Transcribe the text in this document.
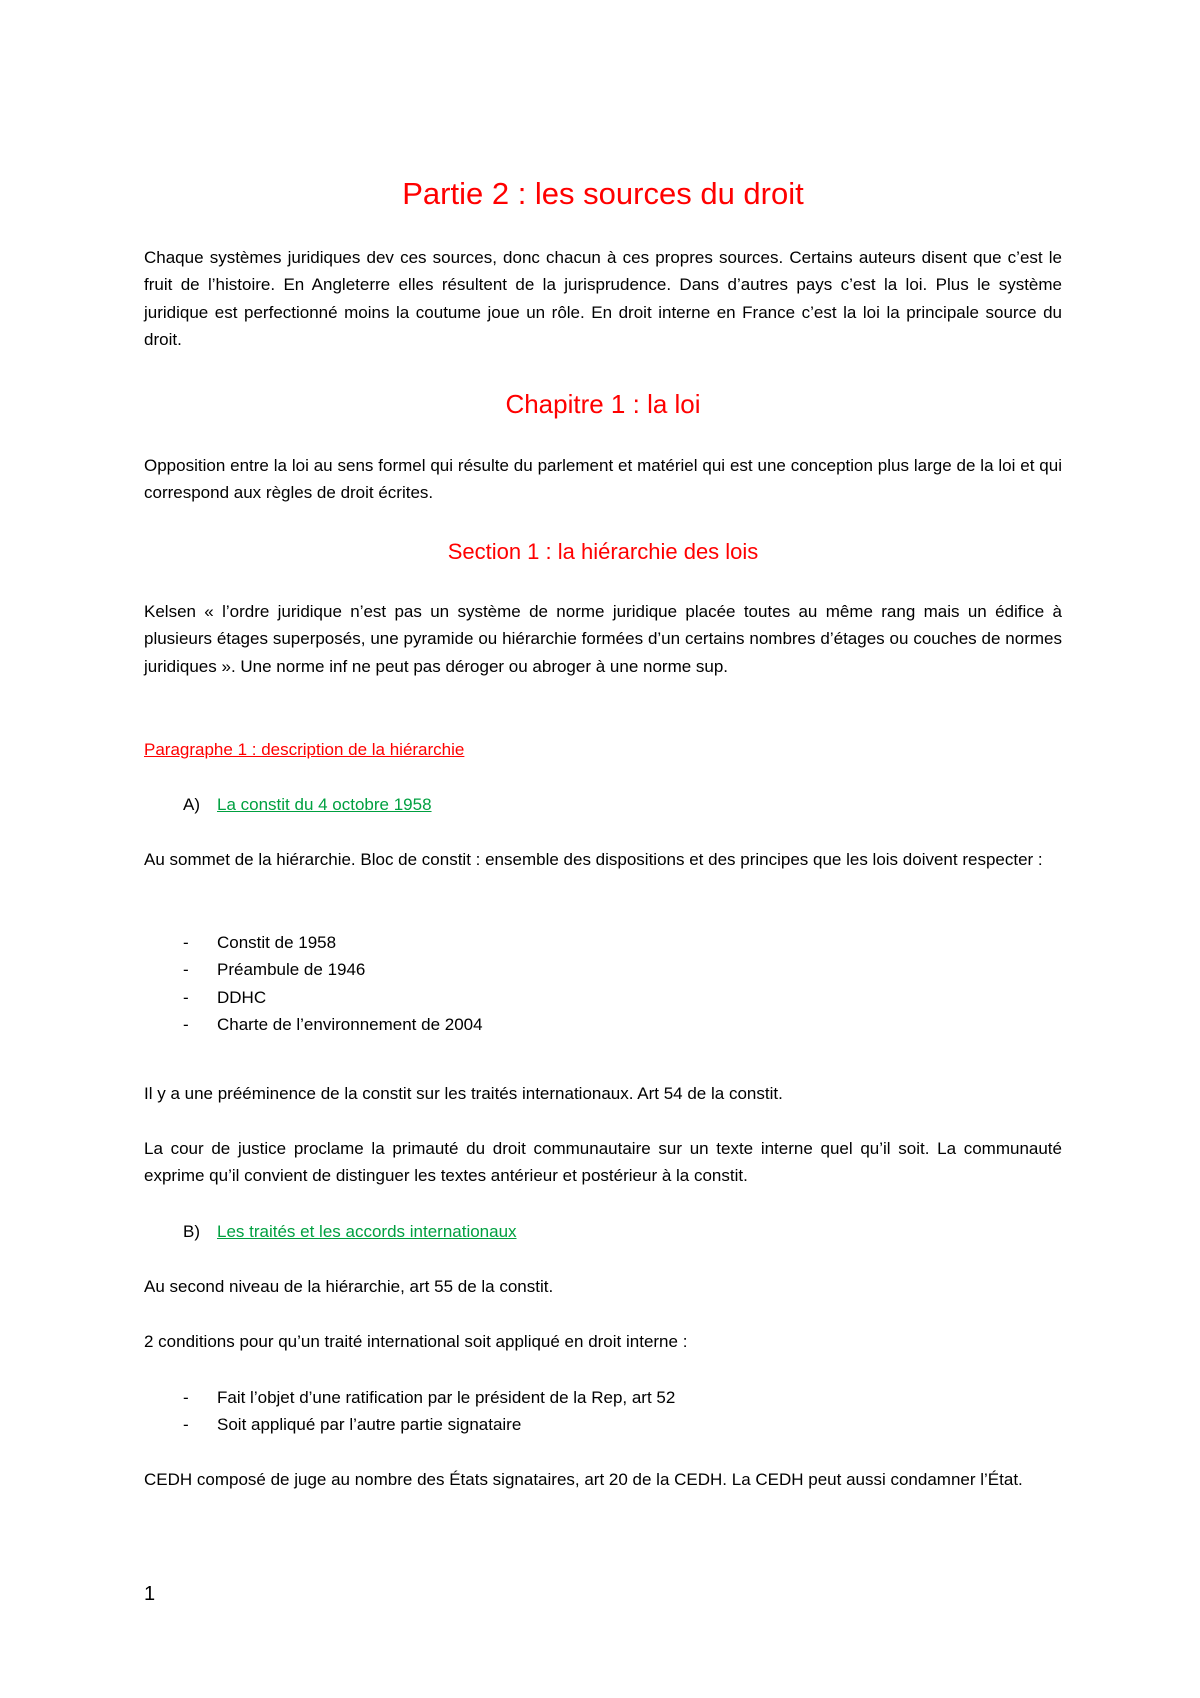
Partie 2 : les sources du droit

Chaque systèmes juridiques dev ces sources, donc chacun à ces propres sources. Certains auteurs disent que c’est le fruit de l’histoire. En Angleterre elles résultent de la jurisprudence. Dans d’autres pays c’est la loi. Plus le système juridique est perfectionné moins la coutume joue un rôle. En droit interne en France c’est la loi la principale source du droit.

Chapitre 1 : la loi

Opposition entre la loi au sens formel qui résulte du parlement et matériel qui est une conception plus large de la loi et qui correspond aux règles de droit écrites.

Section 1 : la hiérarchie des lois

Kelsen « l’ordre juridique n’est pas un système de norme juridique placée toutes au même rang mais un édifice à plusieurs étages superposés, une pyramide ou hiérarchie formées d’un certains nombres d’étages ou couches de normes juridiques ». Une norme inf ne peut pas déroger ou abroger à une norme sup.

Paragraphe 1 : description de la hiérarchie

A) La constit du 4 octobre 1958

Au sommet de la hiérarchie. Bloc de constit : ensemble des dispositions et des principes que les lois doivent respecter :

- Constit de 1958
- Préambule de 1946
- DDHC
- Charte de l’environnement de 2004

Il y a une prééminence de la constit sur les traités internationaux. Art 54 de la constit.

La cour de justice proclame la primauté du droit communautaire sur un texte interne quel qu’il soit. La communauté exprime qu’il convient de distinguer les textes antérieur et postérieur à la constit.

B) Les traités et les accords internationaux

Au second niveau de la hiérarchie, art 55 de la constit.

2 conditions pour qu’un traité international soit appliqué en droit interne :

- Fait l’objet d’une ratification par le président de la Rep, art 52
- Soit appliqué par l’autre partie signataire

CEDH composé de juge au nombre des États signataires, art 20 de la CEDH. La CEDH peut aussi condamner l’État.

1
